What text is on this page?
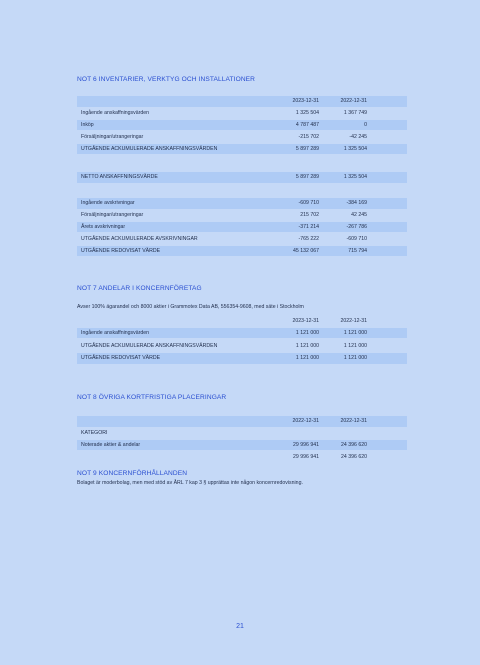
NOT 6 INVENTARIER, VERKTYG OCH INSTALLATIONER
2023-12-31	2022-12-31
Ingående anskaffningsvärden	1 325 504	1 367 749
Inköp	4 787 487	0
Försäljningar/utrangeringar	-215 702	-42 245
UTGÅENDE ACKUMULERADE ANSKAFFNINGSVÄRDEN	5 897 289	1 325 504
NETTO ANSKAFFNINGSVÄRDE	5 897 289	1 325 504
Ingående avskrivningar	-609 710	-384 169
Försäljningar/utrangeringar	215 702	42 245
Årets avskrivningar	-371 214	-267 786
UTGÅENDE ACKUMULERADE AVSKRIVNINGAR	-765 222	-609 710
UTGÅENDE REDOVISAT VÄRDE	45 132 067	715 794
NOT 7 ANDELAR I KONCERNFÖRETAG
Avser 100% ägarandel och 8000 aktier i Grammotex Data AB, 556354-9608, med säte i Stockholm
2023-12-31	2022-12-31
Ingående anskaffningsvärden	1 121 000	1 121 000
UTGÅENDE ACKUMULERADE ANSKAFFNINGSVÄRDEN	1 121 000	1 121 000
UTGÅENDE REDOVISAT VÄRDE	1 121 000	1 121 000
NOT 8 ÖVRIGA KORTFRISTIGA PLACERINGAR
2022-12-31	2022-12-31
KATEGORI
Noterade aktier & andelar	29 996 941	24 396 620
29 996 941	24 396 620
NOT 9 KONCERNFÖRHÅLLANDEN
Bolaget är moderbolag, men med stöd av ÅRL 7 kap 3 § upprättas inte någon koncernredovisning.
21
